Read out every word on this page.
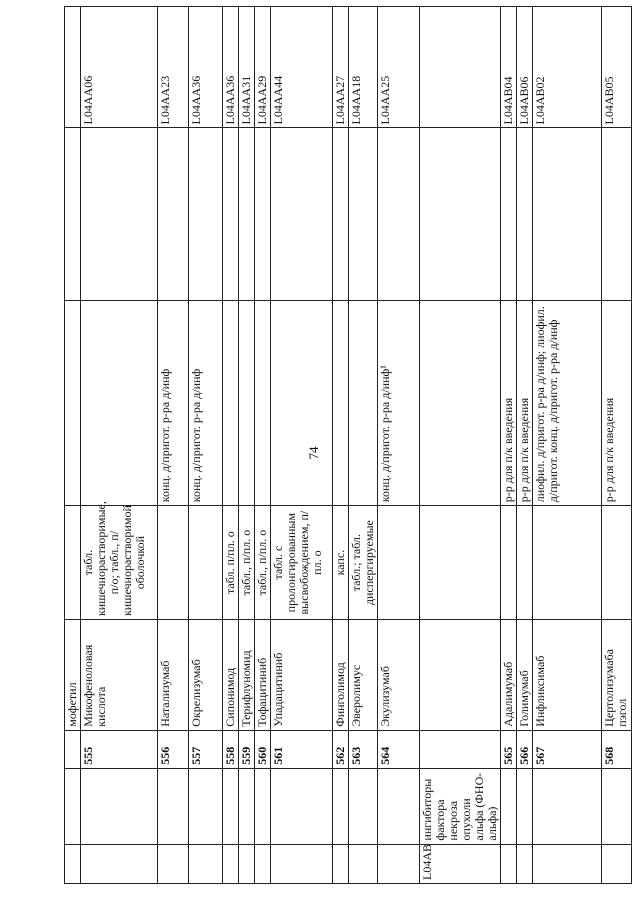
74
			мофетил				
		555	Микофеноловая кислота	табл. кишечнорастворимые, п/о; табл., п/кишечнорастворимой оболочкой			L04AA06
		556	Натализумаб		конц. д/пригот. р-ра д/инф		L04AA23
		557	Окрелизумаб		конц. д/пригот. р-ра д/инф		L04AA36
		558	Сипонимод	табл. п/пл. о			L04AA36
		559	Терифлуномид	табл., п/пл. о			L04AA31
		560	Тофацитиниб	табл., п/пл. о			L04AA29
		561	Упадацитиниб	табл. с пролонгированным высвобождением, п/пл. о			L04AA44
		562	Финголимод	капс.			L04AA27
		563	Эверолимус	табл.; табл. диспергируемые			L04AA18
		564	Экулизумаб		конц. д/пригот. р-ра д/инф¹		L04AA25
L04AB	ингибиторы фактора некроза опухоли альфа (ФНО-альфа)						
		565	Адалимумаб		р-р для п/к введения		L04AB04
		566	Голимумаб		р-р для п/к введения		L04AB06
		567	Инфликсимаб		лиофил. д/пригот. р-ра д/инф; лиофил. д/пригот. конц. д/пригот. р-ра д/инф		L04AB02
		568	Цертолизумаба пэгол		р-р для п/к введения		L04AB05
